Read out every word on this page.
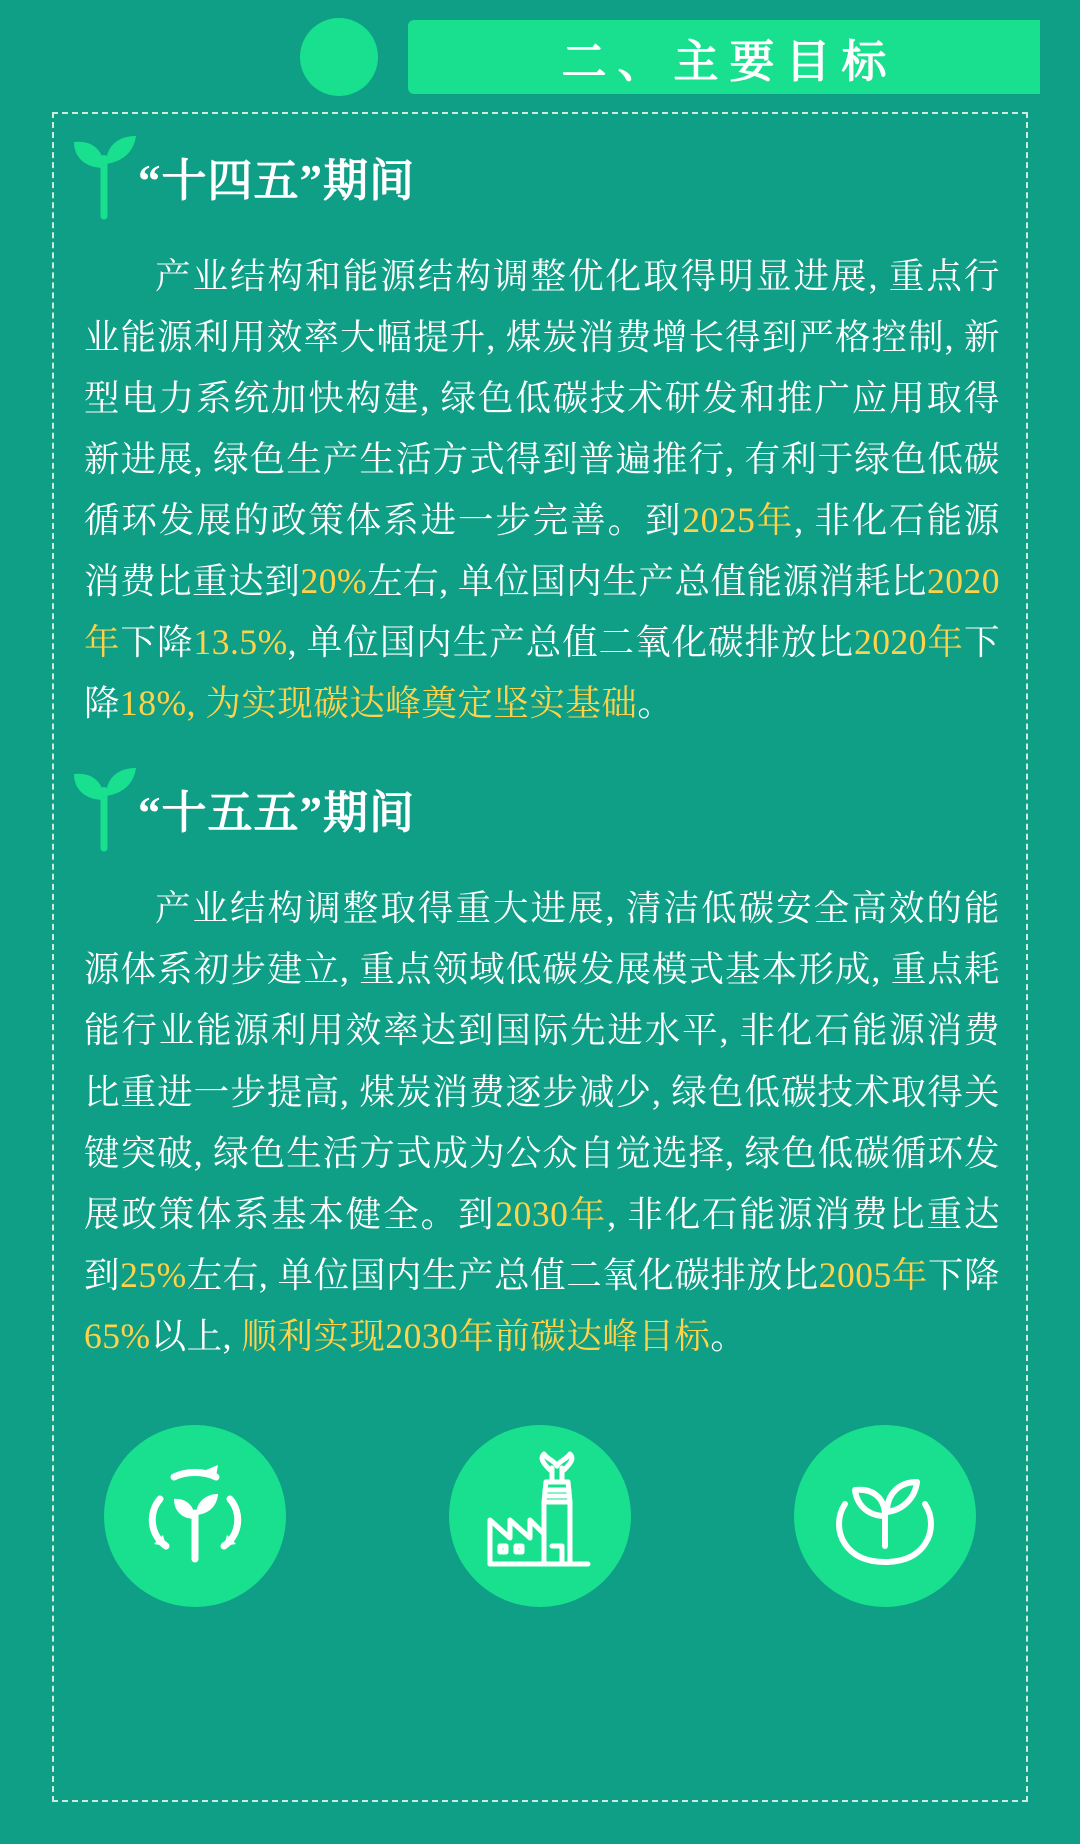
二、主要目标
“十四五”期间
产业结构和能源结构调整优化取得明显进展, 重点行业能源利用效率大幅提升, 煤炭消费增长得到严格控制, 新型电力系统加快构建, 绿色低碳技术研发和推广应用取得新进展, 绿色生产生活方式得到普遍推行, 有利于绿色低碳循环发展的政策体系进一步完善。到2025年, 非化石能源消费比重达到20%左右, 单位国内生产总值能源消耗比2020年下降13.5%, 单位国内生产总值二氧化碳排放比2020年下降18%, 为实现碳达峰奠定坚实基础。
“十五五”期间
产业结构调整取得重大进展, 清洁低碳安全高效的能源体系初步建立, 重点领域低碳发展模式基本形成, 重点耗能行业能源利用效率达到国际先进水平, 非化石能源消费比重进一步提高, 煤炭消费逐步减少, 绿色低碳技术取得关键突破, 绿色生活方式成为公众自觉选择, 绿色低碳循环发展政策体系基本健全。到2030年, 非化石能源消费比重达到25%左右, 单位国内生产总值二氧化碳排放比2005年下降65%以上, 顺利实现2030年前碳达峰目标。
